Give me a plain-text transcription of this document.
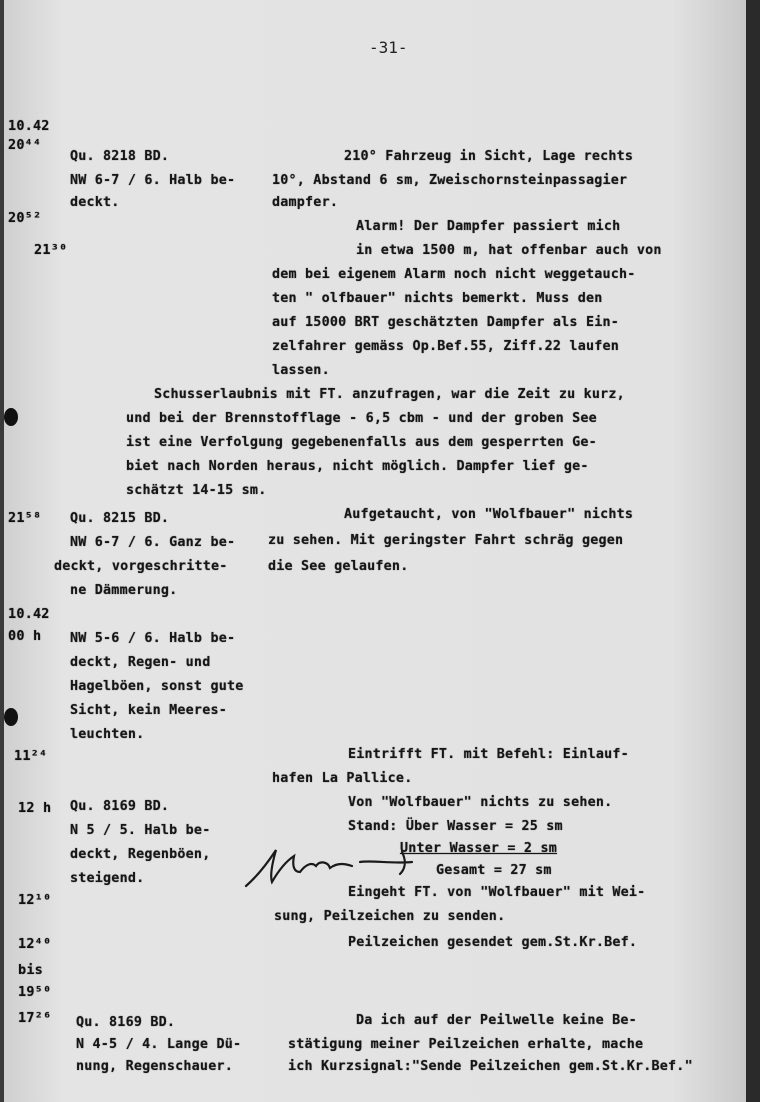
-31-
10.42
20⁴⁴
Qu. 8218 BD.
NW 6-7 / 6. Halb be-
deckt.
210° Fahrzeug in Sicht, Lage rechts
10°, Abstand 6 sm, Zweischornsteinpassagier
dampfer.
20⁵²
21³⁰
Alarm! Der Dampfer passiert mich
in etwa 1500 m, hat offenbar auch von
dem bei eigenem Alarm noch nicht weggetauch-
ten " olfbauer" nichts bemerkt. Muss den
auf 15000 BRT geschätzten Dampfer als Ein-
zelfahrer gemäss Op.Bef.55, Ziff.22 laufen
lassen.
Schusserlaubnis mit FT. anzufragen, war die Zeit zu kurz,
und bei der Brennstofflage - 6,5 cbm - und der groben See
ist eine Verfolgung gegebenenfalls aus dem gesperrten Ge-
biet nach Norden heraus, nicht möglich. Dampfer lief ge-
schätzt 14-15 sm.
21⁵⁸ Qu. 8215 BD.
NW 6-7 / 6. Ganz be-
deckt, vorgeschritte-
ne Dämmerung.
Aufgetaucht, von "Wolfbauer" nichts
zu sehen. Mit geringster Fahrt schräg gegen
die See gelaufen.
10.42
00 h NW 5-6 / 6. Halb be-
deckt, Regen- und
Hagelböen, sonst gute
Sicht, kein Meeres-
leuchten.
11²⁴	Eintrifft FT. mit Befehl: Einlauf-
hafen La Pallice.
12 h Qu. 8169 BD.
N 5 / 5. Halb be-
deckt, Regenböen,
steigend.
Von "Wolfbauer" nichts zu sehen.
Stand: Über Wasser = 25 sm
Unter Wasser = 2 sm
Gesamt = 27 sm
12¹⁰	Eingeht FT. von "Wolfbauer" mit Wei-
sung, Peilzeichen zu senden.
12⁴⁰
bis
19⁵⁰
Peilzeichen gesendet gem.St.Kr.Bef.
17²⁶ Qu. 8169 BD.
N 4-5 / 4. Lange Dü-
nung, Regenschauer.
Da ich auf der Peilwelle keine Be-
stätigung meiner Peilzeichen erhalte, mache
ich Kurzsignal:"Sende Peilzeichen gem.St.Kr.Bef."
